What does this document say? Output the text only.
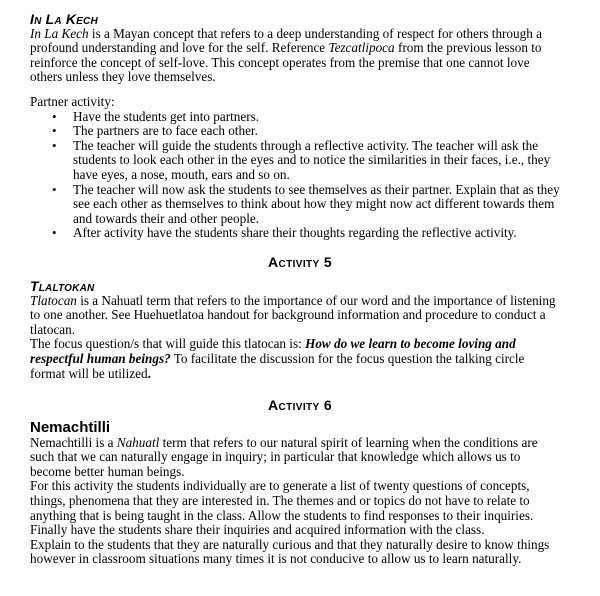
In La Kech

In La Kech is a Mayan concept that refers to a deep understanding of respect for others through a profound understanding and love for the self. Reference Tezcatlipoca from the previous lesson to reinforce the concept of self-love. This concept operates from the premise that one cannot love others unless they love themselves.

Partner activity:

• Have the students get into partners.
• The partners are to face each other.
• The teacher will guide the students through a reflective activity. The teacher will ask the students to look each other in the eyes and to notice the similarities in their faces, i.e., they have eyes, a nose, mouth, ears and so on.
• The teacher will now ask the students to see themselves as their partner. Explain that as they see each other as themselves to think about how they might now act different towards them and towards their and other people.
• After activity have the students share their thoughts regarding the reflective activity.
Activity 5
Tlaltokan

Tlatocan is a Nahuatl term that refers to the importance of our word and the importance of listening to one another. See Huehuetlatoa handout for background information and procedure to conduct a tlatocan.

The focus question/s that will guide this tlatocan is: How do we learn to become loving and respectful human beings? To facilitate the discussion for the focus question the talking circle format will be utilized.

Activity 6
Nemachtilli

Nemachtilli is a Nahuatl term that refers to our natural spirit of learning when the conditions are such that we can naturally engage in inquiry; in particular that knowledge which allows us to become better human beings.

For this activity the students individually are to generate a list of twenty questions of concepts, things, phenomena that they are interested in. The themes and or topics do not have to relate to anything that is being taught in the class. Allow the students to find responses to their inquiries. Finally have the students share their inquiries and acquired information with the class.

Explain to the students that they are naturally curious and that they naturally desire to know things however in classroom situations many times it is not conducive to allow us to learn naturally.
